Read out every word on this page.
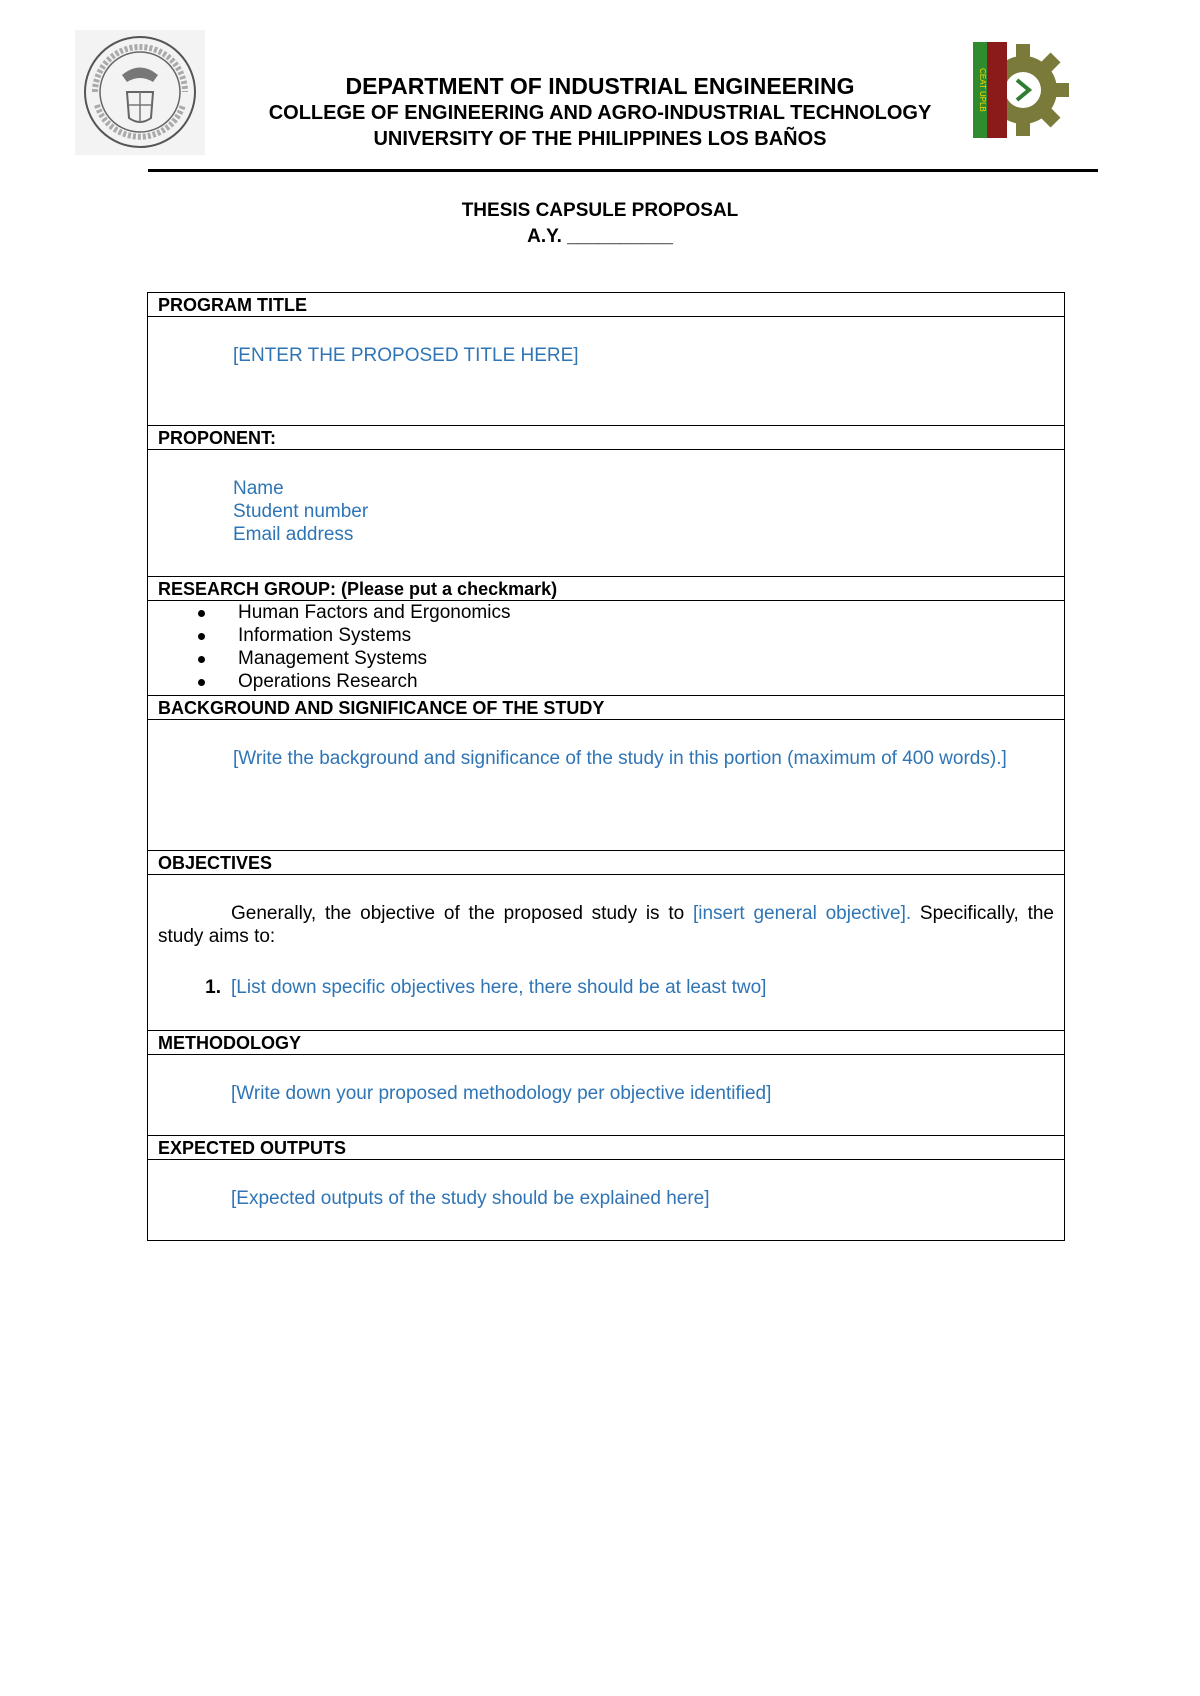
CEAT UPLB
DEPARTMENT OF INDUSTRIAL ENGINEERING
COLLEGE OF ENGINEERING AND AGRO-INDUSTRIAL TECHNOLOGY
UNIVERSITY OF THE PHILIPPINES LOS BAÑOS
THESIS CAPSULE PROPOSAL
A.Y. __________
PROGRAM TITLE

[ENTER THE PROPOSED TITLE HERE]

PROPONENT:

Name
Student number
Email address

RESEARCH GROUP: (Please put a checkmark)

Human Factors and Ergonomics
Information Systems
Management Systems
Operations Research

BACKGROUND AND SIGNIFICANCE OF THE STUDY

[Write the background and significance of the study in this portion (maximum of 400 words).]

OBJECTIVES

Generally, the objective of the proposed study is to [insert general objective]. Specifically, the study aims to:
1. [List down specific objectives here, there should be at least two]

METHODOLOGY

[Write down your proposed methodology per objective identified]

EXPECTED OUTPUTS

[Expected outputs of the study should be explained here]
